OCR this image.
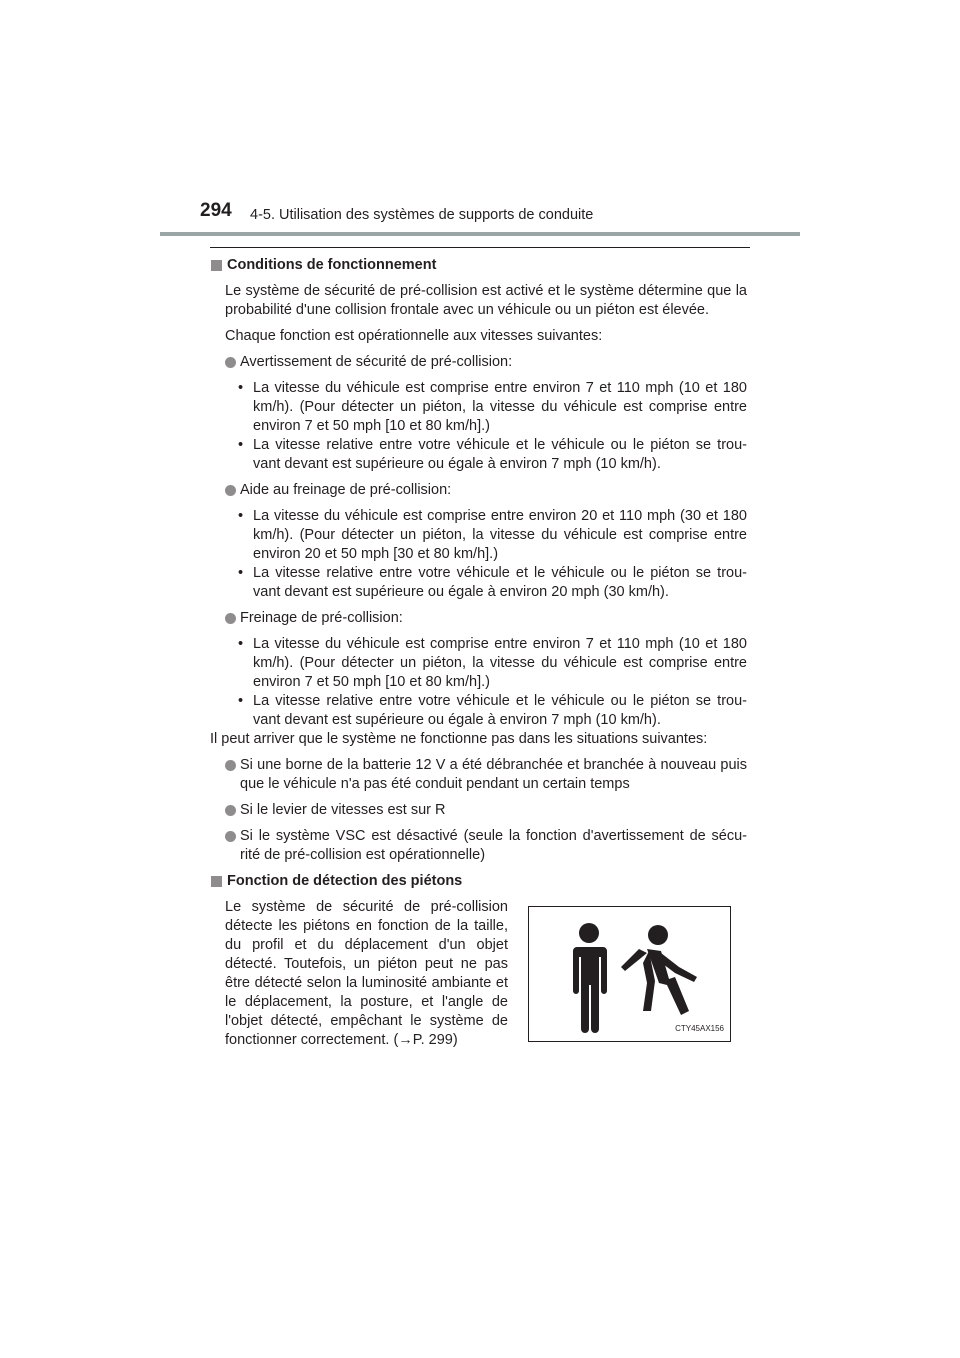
294 4-5. Utilisation des systèmes de supports de conduite
Conditions de fonctionnement
Le système de sécurité de pré-collision est activé et le système détermine que la probabilité d'une collision frontale avec un véhicule ou un piéton est élevée.
Chaque fonction est opérationnelle aux vitesses suivantes:
Avertissement de sécurité de pré-collision:
• La vitesse du véhicule est comprise entre environ 7 et 110 mph (10 et 180 km/h). (Pour détecter un piéton, la vitesse du véhicule est comprise entre environ 7 et 50 mph [10 et 80 km/h].)
• La vitesse relative entre votre véhicule et le véhicule ou le piéton se trou-vant devant est supérieure ou égale à environ 7 mph (10 km/h).
Aide au freinage de pré-collision:
• La vitesse du véhicule est comprise entre environ 20 et 110 mph (30 et 180 km/h). (Pour détecter un piéton, la vitesse du véhicule est comprise entre environ 20 et 50 mph [30 et 80 km/h].)
• La vitesse relative entre votre véhicule et le véhicule ou le piéton se trou-vant devant est supérieure ou égale à environ 20 mph (30 km/h).
Freinage de pré-collision:
• La vitesse du véhicule est comprise entre environ 7 et 110 mph (10 et 180 km/h). (Pour détecter un piéton, la vitesse du véhicule est comprise entre environ 7 et 50 mph [10 et 80 km/h].)
• La vitesse relative entre votre véhicule et le véhicule ou le piéton se trou-vant devant est supérieure ou égale à environ 7 mph (10 km/h).
Il peut arriver que le système ne fonctionne pas dans les situations suivantes:
Si une borne de la batterie 12 V a été débranchée et branchée à nouveau puis que le véhicule n'a pas été conduit pendant un certain temps
Si le levier de vitesses est sur R
Si le système VSC est désactivé (seule la fonction d'avertissement de sécu-rité de pré-collision est opérationnelle)
Fonction de détection des piétons
Le système de sécurité de pré-collision détecte les piétons en fonction de la taille, du profil et du déplacement d'un objet détecté. Toutefois, un piéton peut ne pas être détecté selon la luminosité ambiante et le déplacement, la posture, et l'angle de l'objet détecté, empêchant le système de fonctionner correctement. (→P. 299)
CTY45AX156
